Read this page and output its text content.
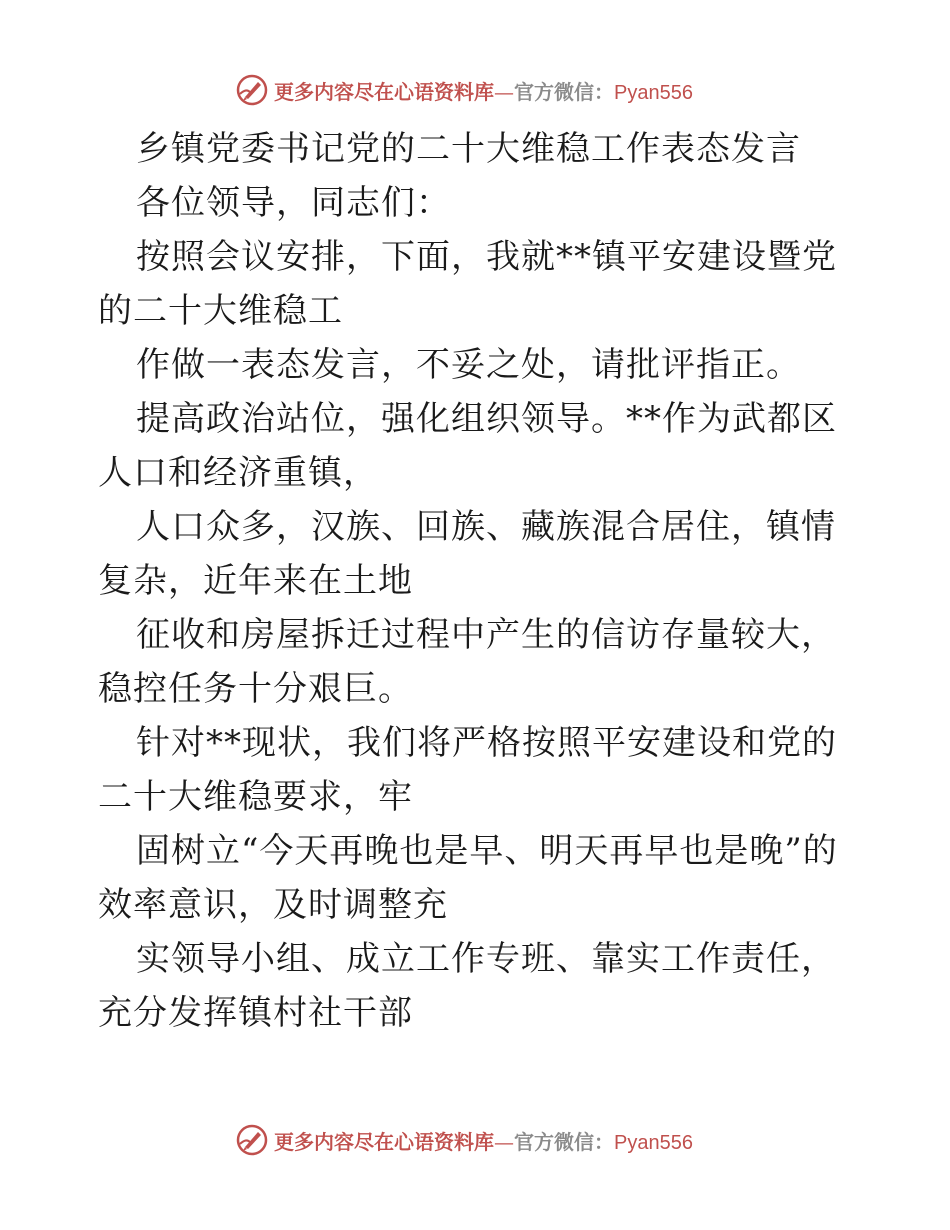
更多内容尽在心语资料库—官方微信：Pyan556

乡镇党委书记党的二十大维稳工作表态发言

各位领导，同志们：

按照会议安排，下面，我就**镇平安建设暨党的二十大维稳工

作做一表态发言，不妥之处，请批评指正。

提高政治站位，强化组织领导。**作为武都区人口和经济重镇，

人口众多，汉族、回族、藏族混合居住，镇情复杂，近年来在土地

征收和房屋拆迁过程中产生的信访存量较大，稳控任务十分艰巨。

针对**现状，我们将严格按照平安建设和党的二十大维稳要求，牢

固树立“今天再晚也是早、明天再早也是晚”的效率意识，及时调整充

实领导小组、成立工作专班、靠实工作责任，充分发挥镇村社干部

更多内容尽在心语资料库—官方微信：Pyan556
